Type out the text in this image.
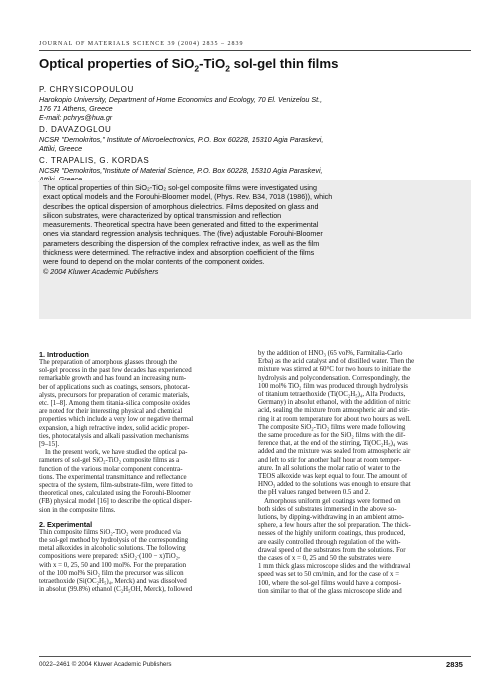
JOURNAL OF MATERIALS SCIENCE 39 (2004) 2835 – 2839
Optical properties of SiO$_2$-TiO$_2$ sol-gel thin films
P. CHRYSICOPOULOU
Harokopio University, Department of Home Economics and Ecology, 70 El. Venizelou St.,
176 71 Athens, Greece
E-mail: pchrys@hua.gr
D. DAVAZOGLOU
NCSR "Demokritos," Institute of Microelectronics, P.O. Box 60228, 15310 Agia Paraskevi,
Attiki, Greece
C. TRAPALIS, G. KORDAS
NCSR "Demokritos,"Institute of Material Science, P.O. Box 60228, 15310 Agia Paraskevi,
The optical properties of thin SiO₂-TiO₂ sol-gel composite films were investigated using
exact optical models and the Forouhi-Bloomer model, (Phys. Rev. B34, 7018 (1986)), which
describes the optical dispersion of amorphous dielectrics. Films deposited on glass and
silicon substrates, were characterized by optical transmission and reflection
measurements. Theoretical spectra have been generated and fitted to the experimental
ones via standard regression analysis techniques. The (five) adjustable Forouhi-Bloomer
parameters describing the dispersion of the complex refractive index, as well as the film
thickness were determined. The refractive index and absorption coefficient of the films
were found to depend on the molar contents of the component oxides.
© 2004 Kluwer Academic Publishers
1. Introduction
The preparation of amorphous glasses through the
sol-gel process in the past few decades has experienced
remarkable growth and has found an increasing num-
ber of applications such as coatings, sensors, photocat-
alysts, precursors for preparation of ceramic materials,
etc. [1–8]. Among them titania-silica composite oxides
are noted for their interesting physical and chemical
properties which include a very low or negative thermal
expansion, a high refractive index, solid acidic proper-
ties, photocatalysis and alkali passivation mechanisms
[9–15].
In the present work, we have studied the optical pa-
rameters of sol-gel SiO₂-TiO₂ composite films as a
function of the various molar component concentra-
tions. The experimental transmittance and reflectance
spectra of the system, film-substrate-film, were fitted to
theoretical ones, calculated using the Forouhi-Bloomer
(FB) physical model [16] to describe the optical disper-
sion in the composite films.
2. Experimental
Thin composite films SiO₂-TiO₂ were produced via
the sol-gel method by hydrolysis of the corresponding
metal alkoxides in alcoholic solutions. The following
compositions were prepared: xSiO₂·(100 − x)TiO₂,
with x = 0, 25, 50 and 100 mol%. For the preparation
of the 100 mol% SiO₂ film the precursor was silicon
tetraethoxide (Si(OC₂H₅)₄, Merck) and was dissolved
in absolut (99.8%) ethanol (C₂H₅OH, Merck), followed
by the addition of HNO₃ (65 vol%, Farmitalia-Carlo
Erba) as the acid catalyst and of distilled water. Then the
mixture was stirred at 60°C for two hours to initiate the
hydrolysis and polycondensation. Correspondingly, the
100 mol% TiO₂ film was produced through hydrolysis
of titanium tetraethoxide (Ti(OC₂H₅)₄, Alfa Products,
Germany) in absolut ethanol, with the addition of nitric
acid, sealing the mixture from atmospheric air and stir-
ring it at room temperature for about two hours as well.
The composite SiO₂-TiO₂ films were made following
the same procedure as for the SiO₂ films with the dif-
ference that, at the end of the stirring, Ti(OC₂H₅)₄ was
added and the mixture was sealed from atmospheric air
and left to stir for another half hour at room temper-
ature. In all solutions the molar ratio of water to the
TEOS alkoxide was kept equal to four. The amount of
HNO₃ added to the solutions was enough to ensure that
the pH values ranged between 0.5 and 2.
Amorphous uniform gel coatings were formed on
both sides of substrates immersed in the above so-
lutions, by dipping-withdrawing in an ambient atmo-
sphere, a few hours after the sol preparation. The thick-
nesses of the highly uniform coatings, thus produced,
are easily controlled through regulation of the with-
drawal speed of the substrates from the solutions. For
the cases of x = 0, 25 and 50 the substrates were
1 mm thick glass microscope slides and the withdrawal
speed was set to 50 cm/min, and for the case of x =
100, where the sol-gel films would have a composi-
tion similar to that of the glass microscope slide and
0022–2461 © 2004 Kluwer Academic Publishers	2835
